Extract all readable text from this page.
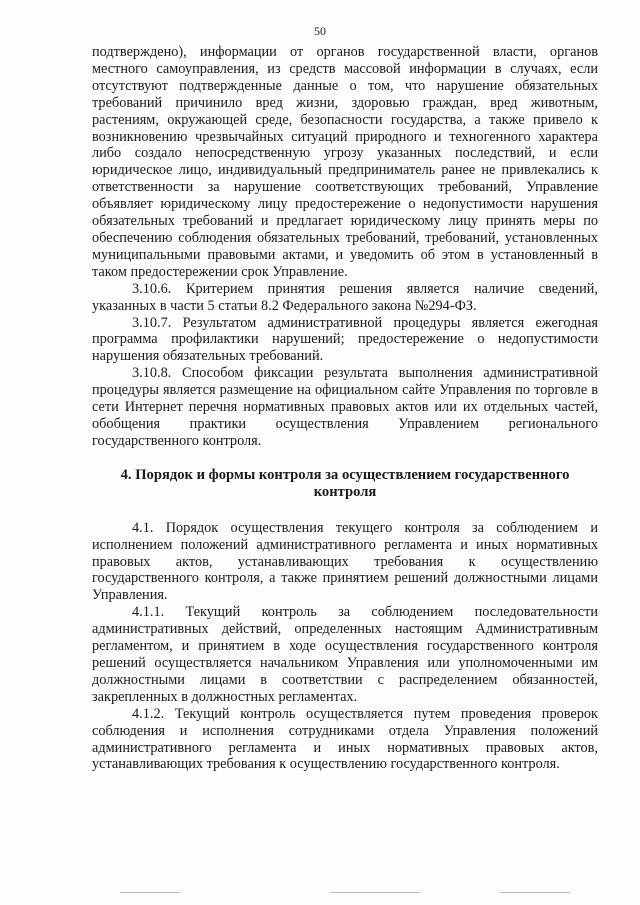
50

подтверждено), информации от органов государственной власти, органов местного самоуправления, из средств массовой информации в случаях, если отсутствуют подтвержденные данные о том, что нарушение обязательных требований причинило вред жизни, здоровью граждан, вред животным, растениям, окружающей среде, безопасности государства, а также привело к возникновению чрезвычайных ситуаций природного и техногенного характера либо создало непосредственную угрозу указанных последствий, и если юридическое лицо, индивидуальный предприниматель ранее не привлекались к ответственности за нарушение соответствующих требований, Управление объявляет юридическому лицу предостережение о недопустимости нарушения обязательных требований и предлагает юридическому лицу принять меры по обеспечению соблюдения обязательных требований, требований, установленных муниципальными правовыми актами, и уведомить об этом в установленный в таком предостережении срок Управление.

3.10.6. Критерием принятия решения является наличие сведений, указанных в части 5 статьи 8.2 Федерального закона №294-ФЗ.

3.10.7. Результатом административной процедуры является ежегодная программа профилактики нарушений; предостережение о недопустимости нарушения обязательных требований.

3.10.8. Способом фиксации результата выполнения административной процедуры является размещение на официальном сайте Управления по торговле в сети Интернет перечня нормативных правовых актов или их отдельных частей, обобщения практики осуществления Управлением регионального государственного контроля.

4. Порядок и формы контроля за осуществлением государственного контроля

4.1. Порядок осуществления текущего контроля за соблюдением и исполнением положений административного регламента и иных нормативных правовых актов, устанавливающих требования к осуществлению государственного контроля, а также принятием решений должностными лицами Управления.

4.1.1. Текущий контроль за соблюдением последовательности административных действий, определенных настоящим Административным регламентом, и принятием в ходе осуществления государственного контроля решений осуществляется начальником Управления или уполномоченными им должностными лицами в соответствии с распределением обязанностей, закрепленных в должностных регламентах.

4.1.2. Текущий контроль осуществляется путем проведения проверок соблюдения и исполнения сотрудниками отдела Управления положений административного регламента и иных нормативных правовых актов, устанавливающих требования к осуществлению государственного контроля.
